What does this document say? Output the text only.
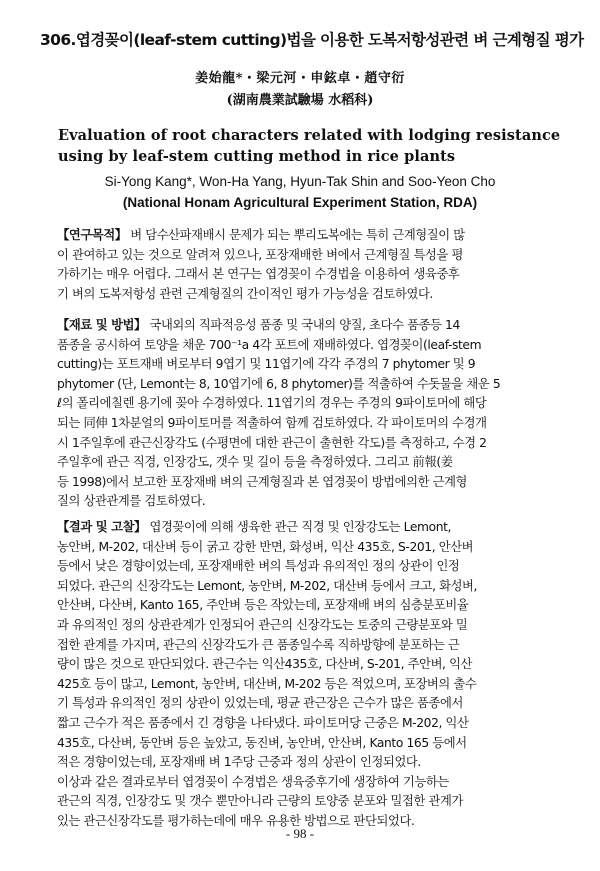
306.엽경꽂이(leaf-stem cutting)법을 이용한 도복저항성관련 벼 근계형질 평가
姜始龍*・梁元河・申鉉卓・趙守衍
(湖南農業試驗場 水稻科)
Evaluation of root characters related with lodging resistance using by leaf-stem cutting method in rice plants
Si-Yong Kang*, Won-Ha Yang, Hyun-Tak Shin and Soo-Yeon Cho
(National Honam Agricultural Experiment Station, RDA)
【연구목적】 벼 담수산파재배시 문제가 되는 뿌리도복에는 특히 근계형질이 많
이 관여하고 있는 것으로 알려져 있으나, 포장재배한 벼에서 근계형질 특성을 평
가하기는 매우 어렵다. 그래서 본 연구는 엽경꽂이 수경법을 이용하여 생육중후
기 벼의 도복저항성 관련 근계형질의 간이적인 평가 가능성을 검토하였다.
【재료 및 방법】 국내외의 직파적응성 품종 및 국내의 양질, 초다수 품종등 14
품종을 공시하여 토양을 채운 700⁻¹a 4각 포트에 재배하였다. 엽경꽂이(leaf-stem
cutting)는 포트재배 벼로부터 9엽기 및 11엽기에 각각 주경의 7 phytomer 및 9
phytomer (단, Lemont는 8, 10엽기에 6, 8 phytomer)를 적출하여 수돗물을 채운 5
ℓ의 폴리에칠렌 용기에 꽂아 수경하였다. 11엽기의 경우는 주경의 9파이토머에 해당
되는 同伸 1차분얼의 9파이토머를 적출하여 함께 검토하였다. 각 파이토머의 수경개
시 1주일후에 관근신장각도 (수평면에 대한 관근이 출현한 각도)를 측정하고, 수경 2
주일후에 관근 직경, 인장강도, 갯수 및 길이 등을 측정하였다. 그리고 前報(姜
등 1998)에서 보고한 포장재배 벼의 근계형질과 본 엽경꽂이 방법에의한 근계형
질의 상관관계를 검토하였다.
【결과 및 고찰】 엽경꽂이에 의해 생육한 관근 직경 및 인장강도는 Lemont,
농안벼, M-202, 대산벼 등이 굵고 강한 반면, 화성벼, 익산 435호, S-201, 안산벼
등에서 낮은 경향이었는데, 포장재배한 벼의 특성과 유의적인 정의 상관이 인정
되었다. 관근의 신장각도는 Lemont, 농안벼, M-202, 대산벼 등에서 크고, 화성벼,
안산벼, 다산벼, Kanto 165, 주안벼 등은 작았는데, 포장재배 벼의 심층분포비율
과 유의적인 정의 상관관계가 인정되어 관근의 신장각도는 토중의 근량분포와 밀
접한 관계를 가지며, 관근의 신장각도가 큰 품종일수록 직하방향에 분포하는 근
량이 많은 것으로 판단되었다. 관근수는 익산435호, 다산벼, S-201, 주안벼, 익산
425호 등이 많고, Lemont, 농안벼, 대산벼, M-202 등은 적었으며, 포장벼의 출수
기 특성과 유의적인 정의 상관이 있었는데, 평균 관근장은 근수가 많은 품종에서
짧고 근수가 적은 품종에서 긴 경향을 나타냈다. 파이토머당 근중은 M-202, 익산
435호, 다산벼, 동안벼 등은 높았고, 동진벼, 농안벼, 안산벼, Kanto 165 등에서
적은 경향이었는데, 포장재배 벼 1주당 근중과 정의 상관이 인정되었다.
이상과 같은 결과로부터 엽경꽂이 수경법은 생육중후기에 생장하여 기능하는
관근의 직경, 인장강도 및 갯수 뿐만아니라 근량의 토양중 분포와 밀접한 관계가
있는 관근신장각도를 평가하는데에 매우 유용한 방법으로 판단되었다.
- 98 -
